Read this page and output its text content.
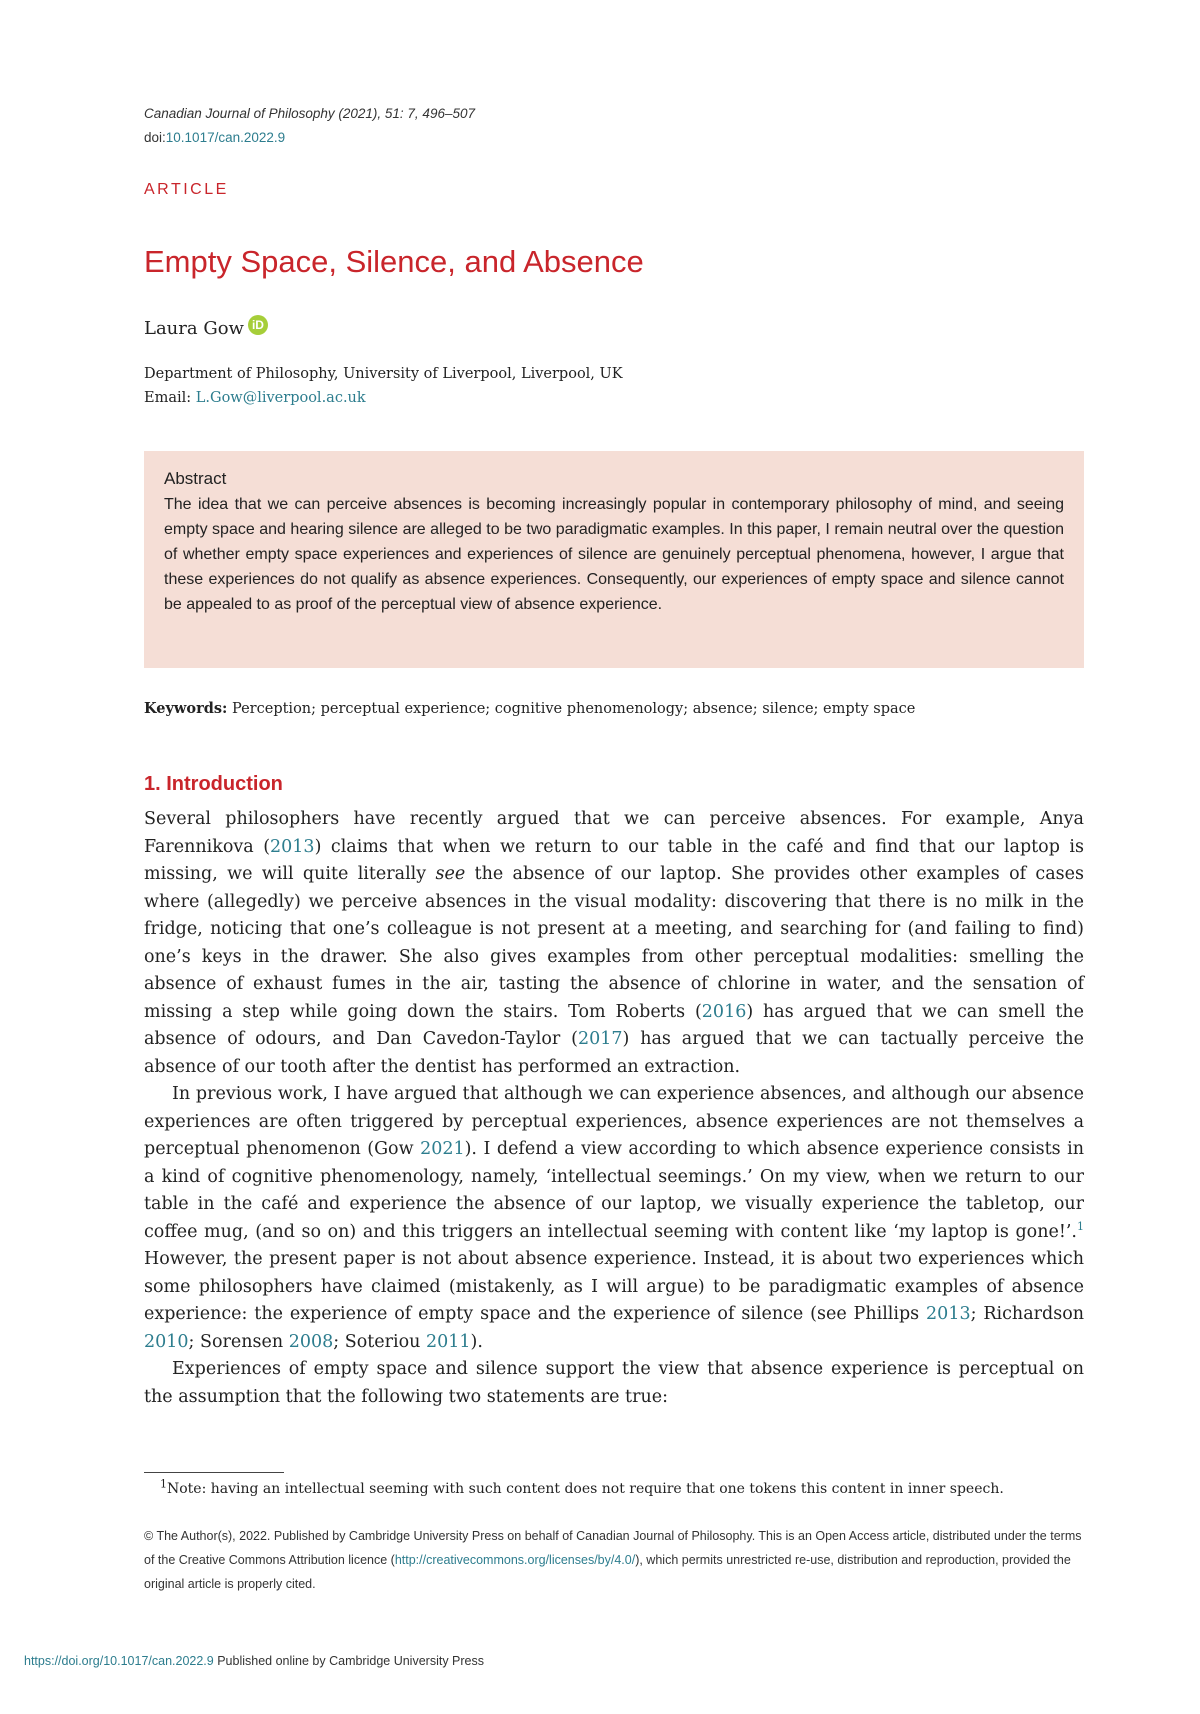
Canadian Journal of Philosophy (2021), 51: 7, 496–507
doi:10.1017/can.2022.9
ARTICLE
Empty Space, Silence, and Absence
Laura Gow iD
Department of Philosophy, University of Liverpool, Liverpool, UK
Email: L.Gow@liverpool.ac.uk
Abstract
The idea that we can perceive absences is becoming increasingly popular in contemporary philosophy of mind, and seeing empty space and hearing silence are alleged to be two paradigmatic examples. In this paper, I remain neutral over the question of whether empty space experiences and experiences of silence are genuinely perceptual phenomena, however, I argue that these experiences do not qualify as absence experiences. Consequently, our experiences of empty space and silence cannot be appealed to as proof of the perceptual view of absence experience.
Keywords: Perception; perceptual experience; cognitive phenomenology; absence; silence; empty space
1. Introduction

Several philosophers have recently argued that we can perceive absences. For example, Anya Farennikova (2013) claims that when we return to our table in the café and find that our laptop is missing, we will quite literally see the absence of our laptop. She provides other examples of cases where (allegedly) we perceive absences in the visual modality: discovering that there is no milk in the fridge, noticing that one’s colleague is not present at a meeting, and searching for (and failing to find) one’s keys in the drawer. She also gives examples from other perceptual modalities: smelling the absence of exhaust fumes in the air, tasting the absence of chlorine in water, and the sensation of missing a step while going down the stairs. Tom Roberts (2016) has argued that we can smell the absence of odours, and Dan Cavedon-Taylor (2017) has argued that we can tactually perceive the absence of our tooth after the dentist has performed an extraction.

In previous work, I have argued that although we can experience absences, and although our absence experiences are often triggered by perceptual experiences, absence experiences are not themselves a perceptual phenomenon (Gow 2021). I defend a view according to which absence experience consists in a kind of cognitive phenomenology, namely, ‘intellectual seemings.’ On my view, when we return to our table in the café and experience the absence of our laptop, we visually experience the tabletop, our coffee mug, (and so on) and this triggers an intellectual seeming with content like ‘my laptop is gone!’.$^1$ However, the present paper is not about absence experience. Instead, it is about two experiences which some philosophers have claimed (mistakenly, as I will argue) to be paradigmatic examples of absence experience: the experience of empty space and the experience of silence (see Phillips 2013; Richardson 2010; Sorensen 2008; Soteriou 2011).

Experiences of empty space and silence support the view that absence experience is perceptual on the assumption that the following two statements are true:

$^1$Note: having an intellectual seeming with such content does not require that one tokens this content in inner speech.
© The Author(s), 2022. Published by Cambridge University Press on behalf of Canadian Journal of Philosophy. This is an Open Access article, distributed under the terms of the Creative Commons Attribution licence (http://creativecommons.org/licenses/by/4.0/), which permits unrestricted re-use, distribution and reproduction, provided the original article is properly cited.
https://doi.org/10.1017/can.2022.9 Published online by Cambridge University Press
